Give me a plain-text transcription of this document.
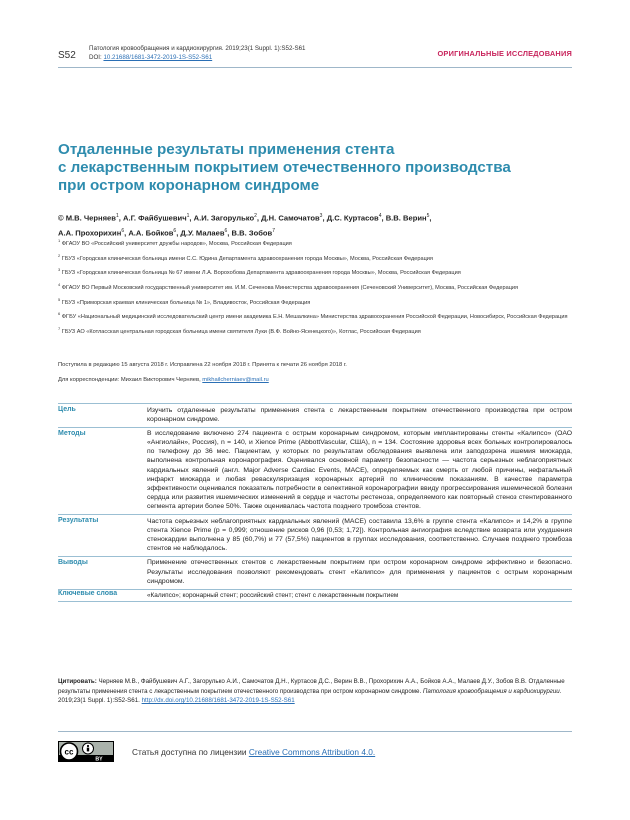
S52
Патология кровообращения и кардиохирургия. 2019;23(1 Suppl. 1):S52-S61
DOI: 10.21688/1681-3472-2019-1S-S52-S61	ОРИГИНАЛЬНЫЕ ИССЛЕДОВАНИЯ
Отдаленные результаты применения стента
с лекарственным покрытием отечественного производства
при остром коронарном синдроме
© М.В. Черняев$^1$, А.Г. Файбушевич$^1$, А.И. Загорулько$^2$, Д.Н. Самочатов$^3$, Д.С. Куртасов$^4$, В.В. Верин$^5$,
А.А. Прохорихин$^6$, А.А. Бойков$^6$, Д.У. Малаев$^6$, В.В. Зобов$^7$

$^1$ ФГАОУ ВО «Российский университет дружбы народов», Москва, Российская Федерация

$^2$ ГБУЗ «Городская клиническая больница имени С.С. Юдина Департамента здравоохранения города Москвы», Москва, Российская Федерация

$^3$ ГБУЗ «Городская клиническая больница № 67 имени Л.А. Ворохобова Департамента здравоохранения города Москвы», Москва, Российская Федерация

$^4$ ФГАОУ ВО Первый Московский государственный университет им. И.М. Сеченова Министерства здравоохранения (Сеченовский Университет), Москва, Российская Федерация

$^5$ ГБУЗ «Приморская краевая клиническая больница № 1», Владивосток, Российская Федерация

$^6$ ФГБУ «Национальный медицинский исследовательский центр имени академика Е.Н. Мешалкина» Министерства здравоохранения Российской Федерации, Новосибирск, Российская Федерация

$^7$ ГБУЗ АО «Котласская центральная городская больница имени святителя Луки (В.Ф. Войно-Ясенецкого)», Котлас, Российская Федерация

Поступила в редакцию 15 августа 2018 г. Исправлена 22 ноября 2018 г. Принята к печати 26 ноября 2018 г.
Для корреспонденции: Михаил Викторович Черняев, mikhailcherniaev@mail.ru
Цель	Изучить отдаленные результаты применения стента с лекарственным покрытием отечественного производства при остром коронарном синдроме.
Методы	В исследование включено 274 пациента с острым коронарным синдромом, которым имплантированы стенты «Калипсо» (ОАО «Ангиолайн», Россия), n = 140, и Xience Prime (AbbottVascular, США), n = 134. Состояние здоровья всех больных контролировалось по телефону до 36 мес. Пациентам, у которых по результатам обследования выявлена или заподозрена ишемия миокарда, выполнена контрольная коронарография. Оценивался основной параметр безопасности — частота серьезных неблагоприятных кардиальных явлений (англ. Major Adverse Cardiac Events, MACE), определяемых как смерть от любой причины, нефатальный инфаркт миокарда и любая реваскуляризация коронарных артерий по клиническим показаниям. В качестве параметра эффективности оценивался показатель потребности в селективной коронарографии ввиду прогрессирования ишемической болезни сердца или развития ишемических изменений в сердце и частоты рестеноза, определяемого как повторный стеноз стентированного сегмента артерии более 50%. Также оценивалась частота позднего тромбоза стентов.
Результаты	Частота серьезных неблагоприятных кардиальных явлений (MACE) составила 13,6% в группе стента «Калипсо» и 14,2% в группе стента Xience Prime (p = 0,999; отношение рисков 0,96 [0,53; 1,72]). Контрольная ангиография вследствие возврата или ухудшения стенокардии выполнена у 85 (60,7%) и 77 (57,5%) пациентов в группах исследования, соответственно. Случаев позднего тромбоза стентов не наблюдалось.
Выводы	Применение отечественных стентов с лекарственным покрытием при остром коронарном синдроме эффективно и безопасно. Результаты исследования позволяют рекомендовать стент «Калипсо» для применения у пациентов с острым коронарным синдромом.
Ключевые слова	«Калипсо»; коронарный стент; российский стент; стент с лекарственным покрытием
Цитировать: Черняев М.В., Файбушевич А.Г., Загорулько А.И., Самочатов Д.Н., Куртасов Д.С., Верин В.В., Прохорихин А.А., Бойков А.А., Малаев Д.У., Зобов В.В. Отдаленные результаты применения стента с лекарственным покрытием отечественного производства при остром коронарном синдроме. Патология кровообращения и кардиохирургии. 2019;23(1 Suppl. 1):S52-S61. http://dx.doi.org/10.21688/1681-3472-2019-1S-S52-S61
cc
BY
Статья доступна по лицензии Creative Commons Attribution 4.0.
